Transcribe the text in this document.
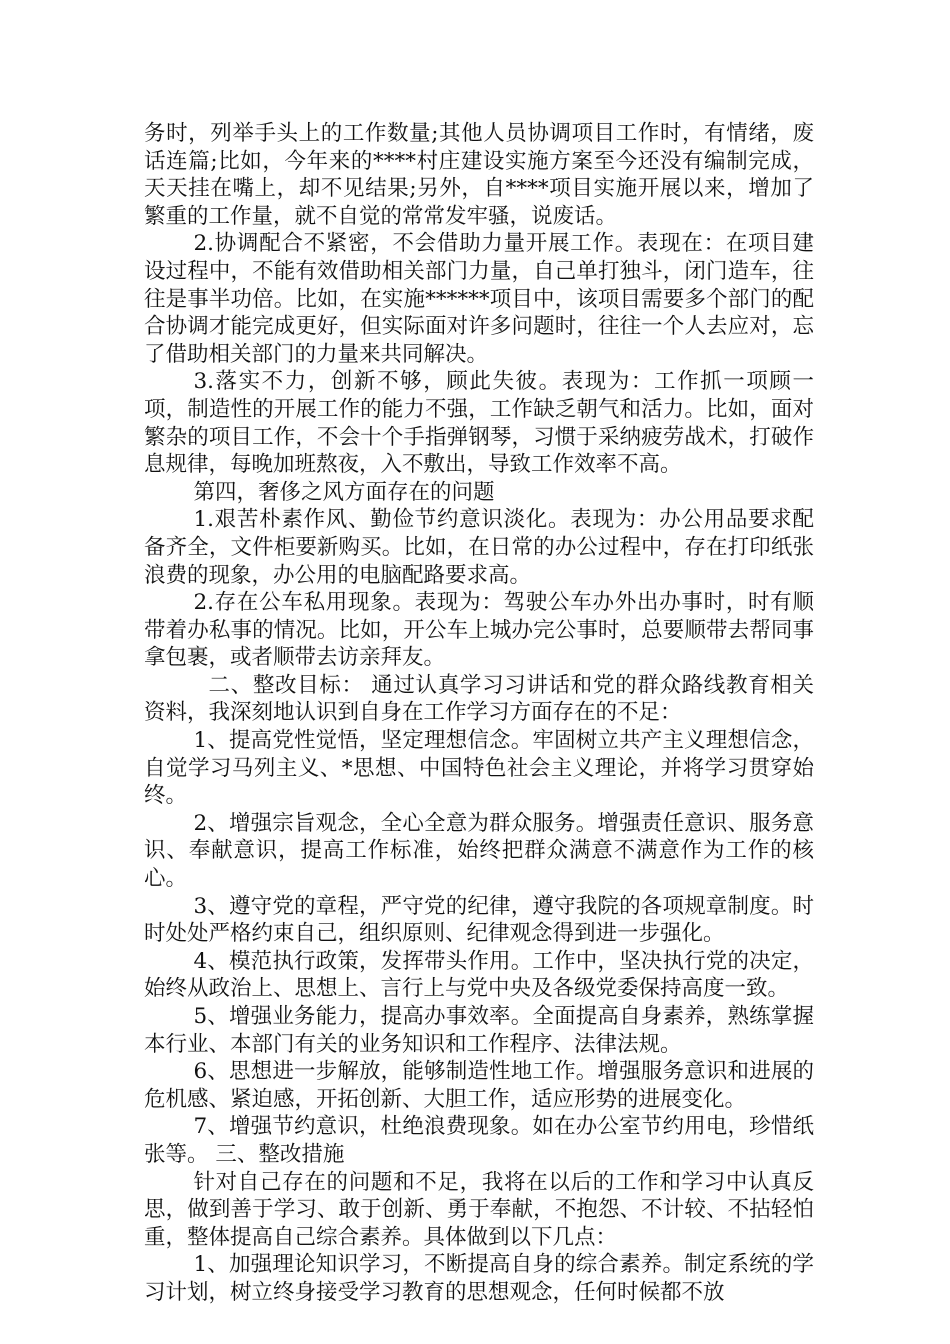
务时，列举手头上的工作数量;其他人员协调项目工作时，有情绪，废话连篇;比如，今年来的****村庄建设实施方案至今还没有编制完成，天天挂在嘴上，却不见结果;另外，自****项目实施开展以来，增加了繁重的工作量，就不自觉的常常发牢骚，说废话。

2.协调配合不紧密，不会借助力量开展工作。表现在：在项目建设过程中，不能有效借助相关部门力量，自己单打独斗，闭门造车，往往是事半功倍。比如，在实施******项目中，该项目需要多个部门的配合协调才能完成更好，但实际面对许多问题时，往往一个人去应对，忘了借助相关部门的力量来共同解决。

3.落实不力，创新不够，顾此失彼。表现为：工作抓一项顾一项，制造性的开展工作的能力不强，工作缺乏朝气和活力。比如，面对繁杂的项目工作，不会十个手指弹钢琴，习惯于采纳疲劳战术，打破作息规律，每晚加班熬夜，入不敷出，导致工作效率不高。

第四，奢侈之风方面存在的问题

1.艰苦朴素作风、勤俭节约意识淡化。表现为：办公用品要求配备齐全，文件柜要新购买。比如，在日常的办公过程中，存在打印纸张浪费的现象，办公用的电脑配路要求高。

2.存在公车私用现象。表现为：驾驶公车办外出办事时，时有顺带着办私事的情况。比如，开公车上城办完公事时，总要顺带去帮同事拿包裹，或者顺带去访亲拜友。

二、整改目标： 通过认真学习习讲话和党的群众路线教育相关资料，我深刻地认识到自身在工作学习方面存在的不足：

1、提高党性觉悟，坚定理想信念。牢固树立共产主义理想信念，自觉学习马列主义、*思想、中国特色社会主义理论，并将学习贯穿始终。

2、增强宗旨观念，全心全意为群众服务。增强责任意识、服务意识、奉献意识，提高工作标准，始终把群众满意不满意作为工作的核心。

3、遵守党的章程，严守党的纪律，遵守我院的各项规章制度。时时处处严格约束自己，组织原则、纪律观念得到进一步强化。

4、模范执行政策，发挥带头作用。工作中，坚决执行党的决定，始终从政治上、思想上、言行上与党中央及各级党委保持高度一致。

5、增强业务能力，提高办事效率。全面提高自身素养，熟练掌握本行业、本部门有关的业务知识和工作程序、法律法规。

6、思想进一步解放，能够制造性地工作。增强服务意识和进展的危机感、紧迫感，开拓创新、大胆工作，适应形势的进展变化。

7、增强节约意识，杜绝浪费现象。如在办公室节约用电，珍惜纸张等。 三、整改措施

针对自己存在的问题和不足，我将在以后的工作和学习中认真反思，做到善于学习、敢于创新、勇于奉献，不抱怨、不计较、不拈轻怕重，整体提高自己综合素养。具体做到以下几点：

1、加强理论知识学习，不断提高自身的综合素养。制定系统的学习计划，树立终身接受学习教育的思想观念，任何时候都不放
